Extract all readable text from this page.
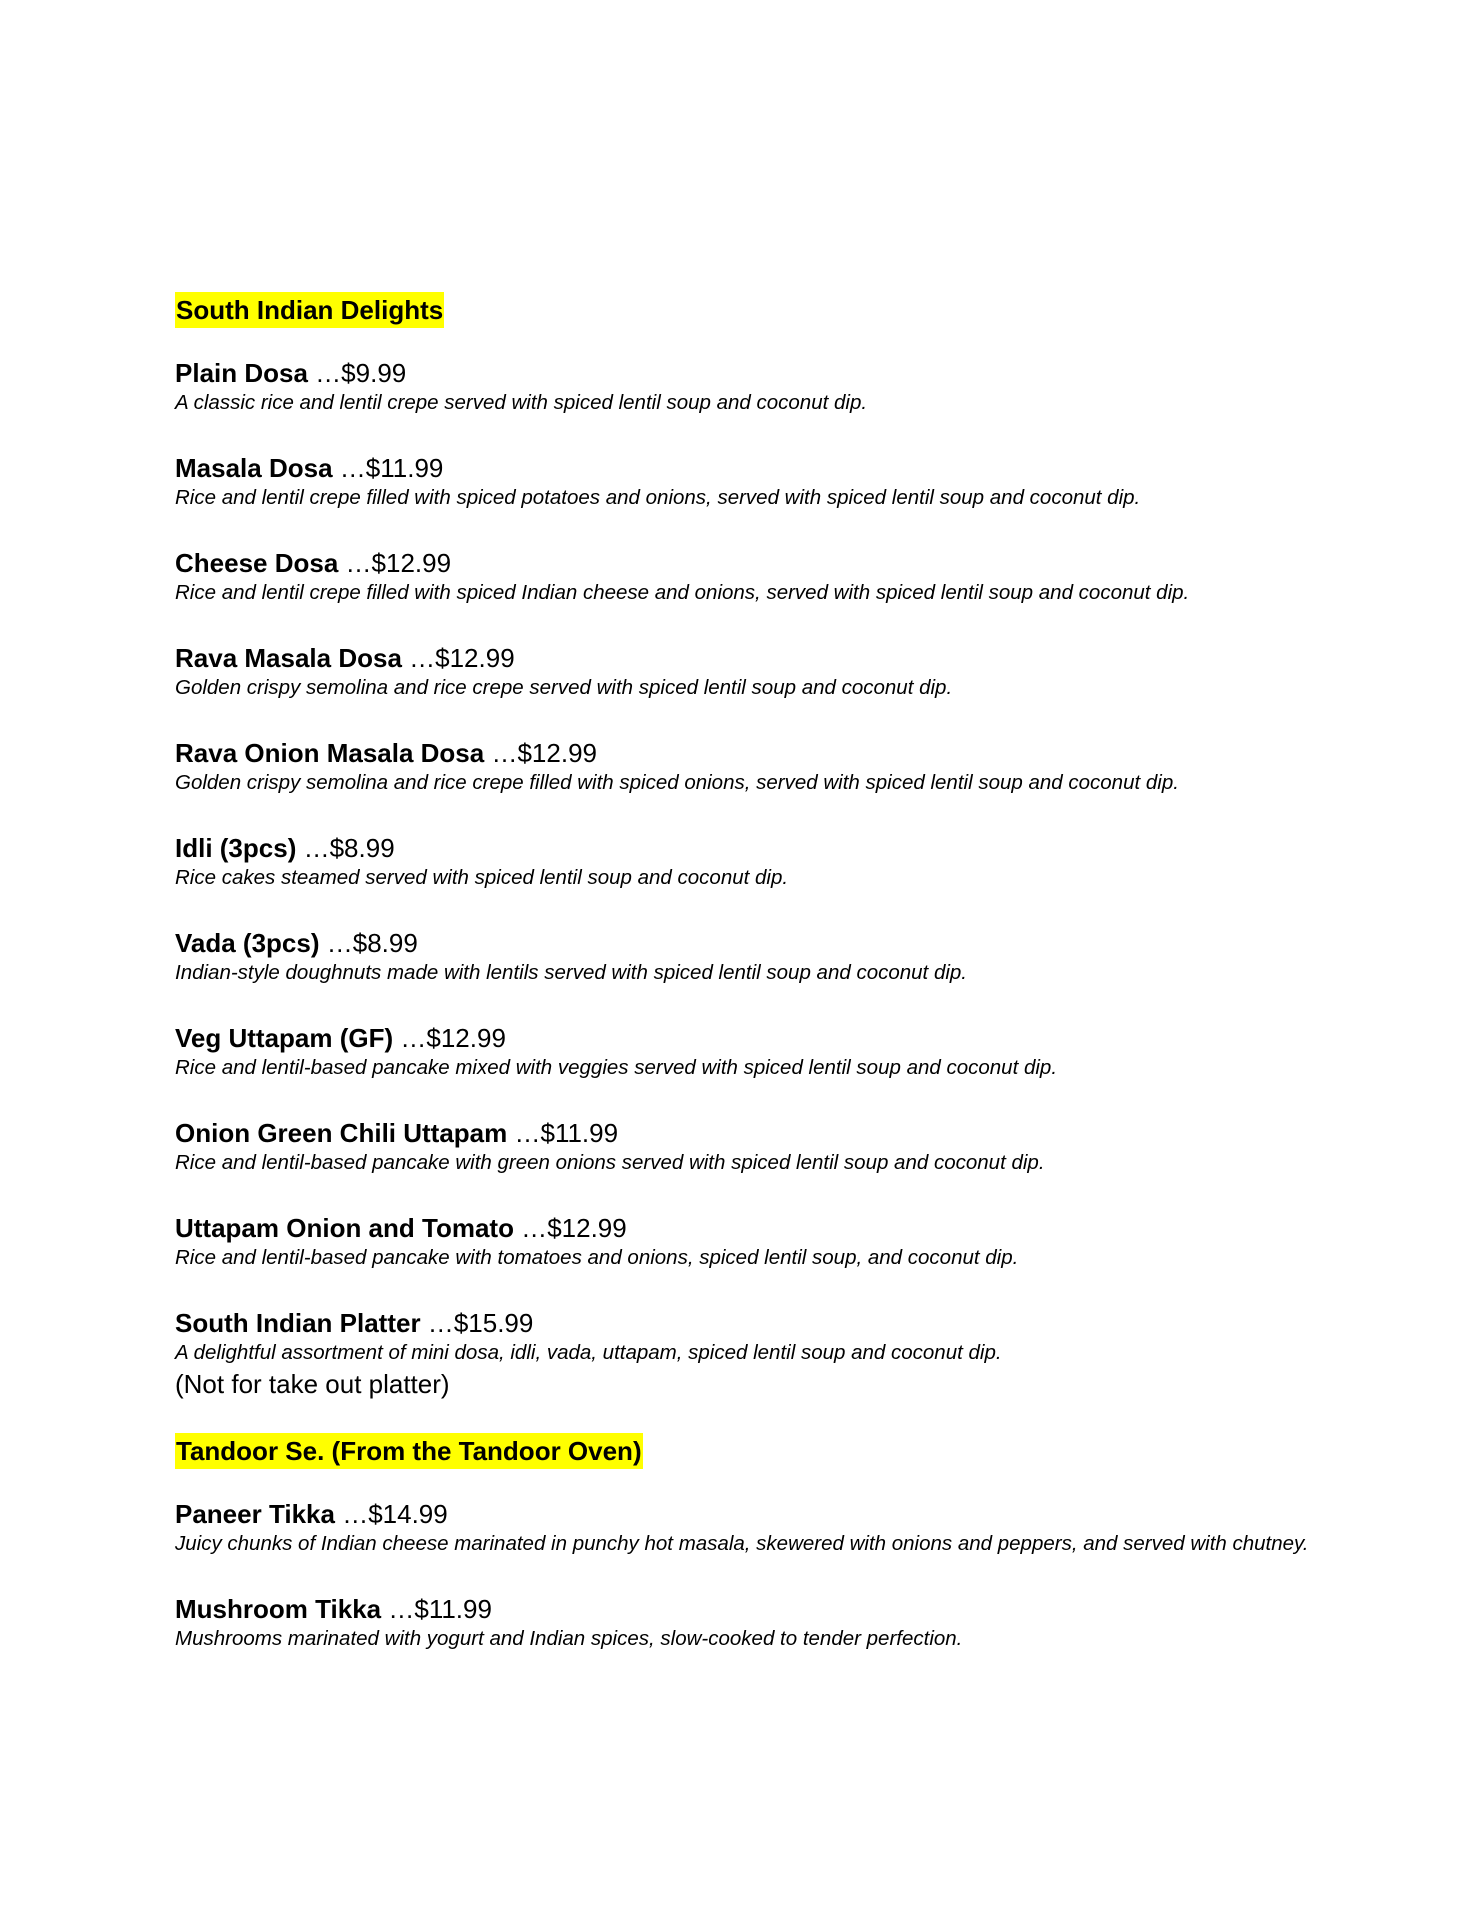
South Indian Delights
Plain Dosa …$9.99
A classic rice and lentil crepe served with spiced lentil soup and coconut dip.
Masala Dosa …$11.99
Rice and lentil crepe filled with spiced potatoes and onions, served with spiced lentil soup and coconut dip.
Cheese Dosa …$12.99
Rice and lentil crepe filled with spiced Indian cheese and onions, served with spiced lentil soup and coconut dip.
Rava Masala Dosa …$12.99
Golden crispy semolina and rice crepe served with spiced lentil soup and coconut dip.
Rava Onion Masala Dosa …$12.99
Golden crispy semolina and rice crepe filled with spiced onions, served with spiced lentil soup and coconut dip.
Idli (3pcs) …$8.99
Rice cakes steamed served with spiced lentil soup and coconut dip.
Vada (3pcs) …$8.99
Indian-style doughnuts made with lentils served with spiced lentil soup and coconut dip.
Veg Uttapam (GF) …$12.99
Rice and lentil-based pancake mixed with veggies served with spiced lentil soup and coconut dip.
Onion Green Chili Uttapam …$11.99
Rice and lentil-based pancake with green onions served with spiced lentil soup and coconut dip.
Uttapam Onion and Tomato …$12.99
Rice and lentil-based pancake with tomatoes and onions, spiced lentil soup, and coconut dip.
South Indian Platter …$15.99
A delightful assortment of mini dosa, idli, vada, uttapam, spiced lentil soup and coconut dip.
(Not for take out platter)
Tandoor Se. (From the Tandoor Oven)
Paneer Tikka …$14.99
Juicy chunks of Indian cheese marinated in punchy hot masala, skewered with onions and peppers, and served with chutney.
Mushroom Tikka …$11.99
Mushrooms marinated with yogurt and Indian spices, slow-cooked to tender perfection.
